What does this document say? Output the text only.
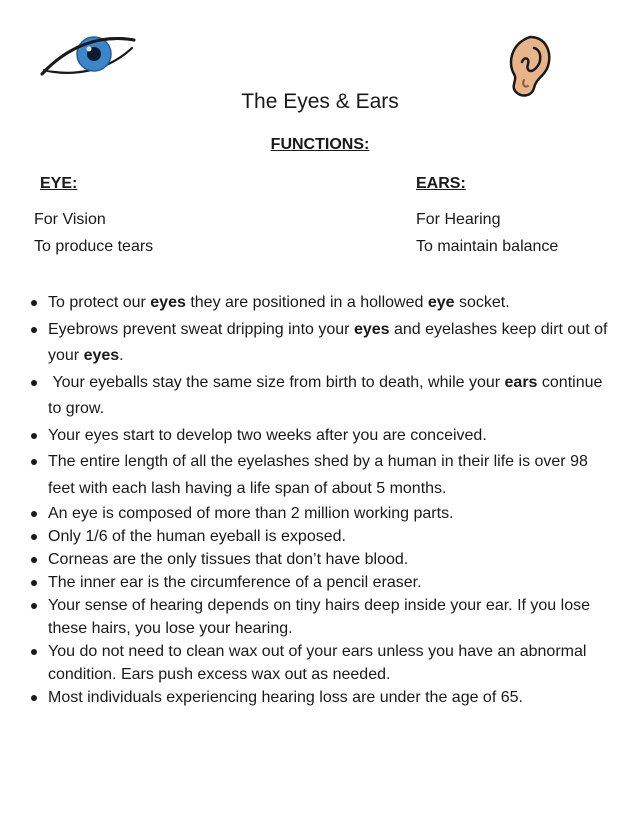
The Eyes & Ears
FUNCTIONS:
EYE:
For Vision
To produce tears
EARS:
For Hearing
To maintain balance
To protect our eyes they are positioned in a hollowed eye socket.
Eyebrows prevent sweat dripping into your eyes and eyelashes keep dirt out of your eyes.
Your eyeballs stay the same size from birth to death, while your ears continue to grow.
Your eyes start to develop two weeks after you are conceived.
The entire length of all the eyelashes shed by a human in their life is over 98 feet with each lash having a life span of about 5 months.
An eye is composed of more than 2 million working parts.
Only 1/6 of the human eyeball is exposed.
Corneas are the only tissues that don’t have blood.
The inner ear is the circumference of a pencil eraser.
Your sense of hearing depends on tiny hairs deep inside your ear. If you lose these hairs, you lose your hearing.
You do not need to clean wax out of your ears unless you have an abnormal condition. Ears push excess wax out as needed.
Most individuals experiencing hearing loss are under the age of 65.
